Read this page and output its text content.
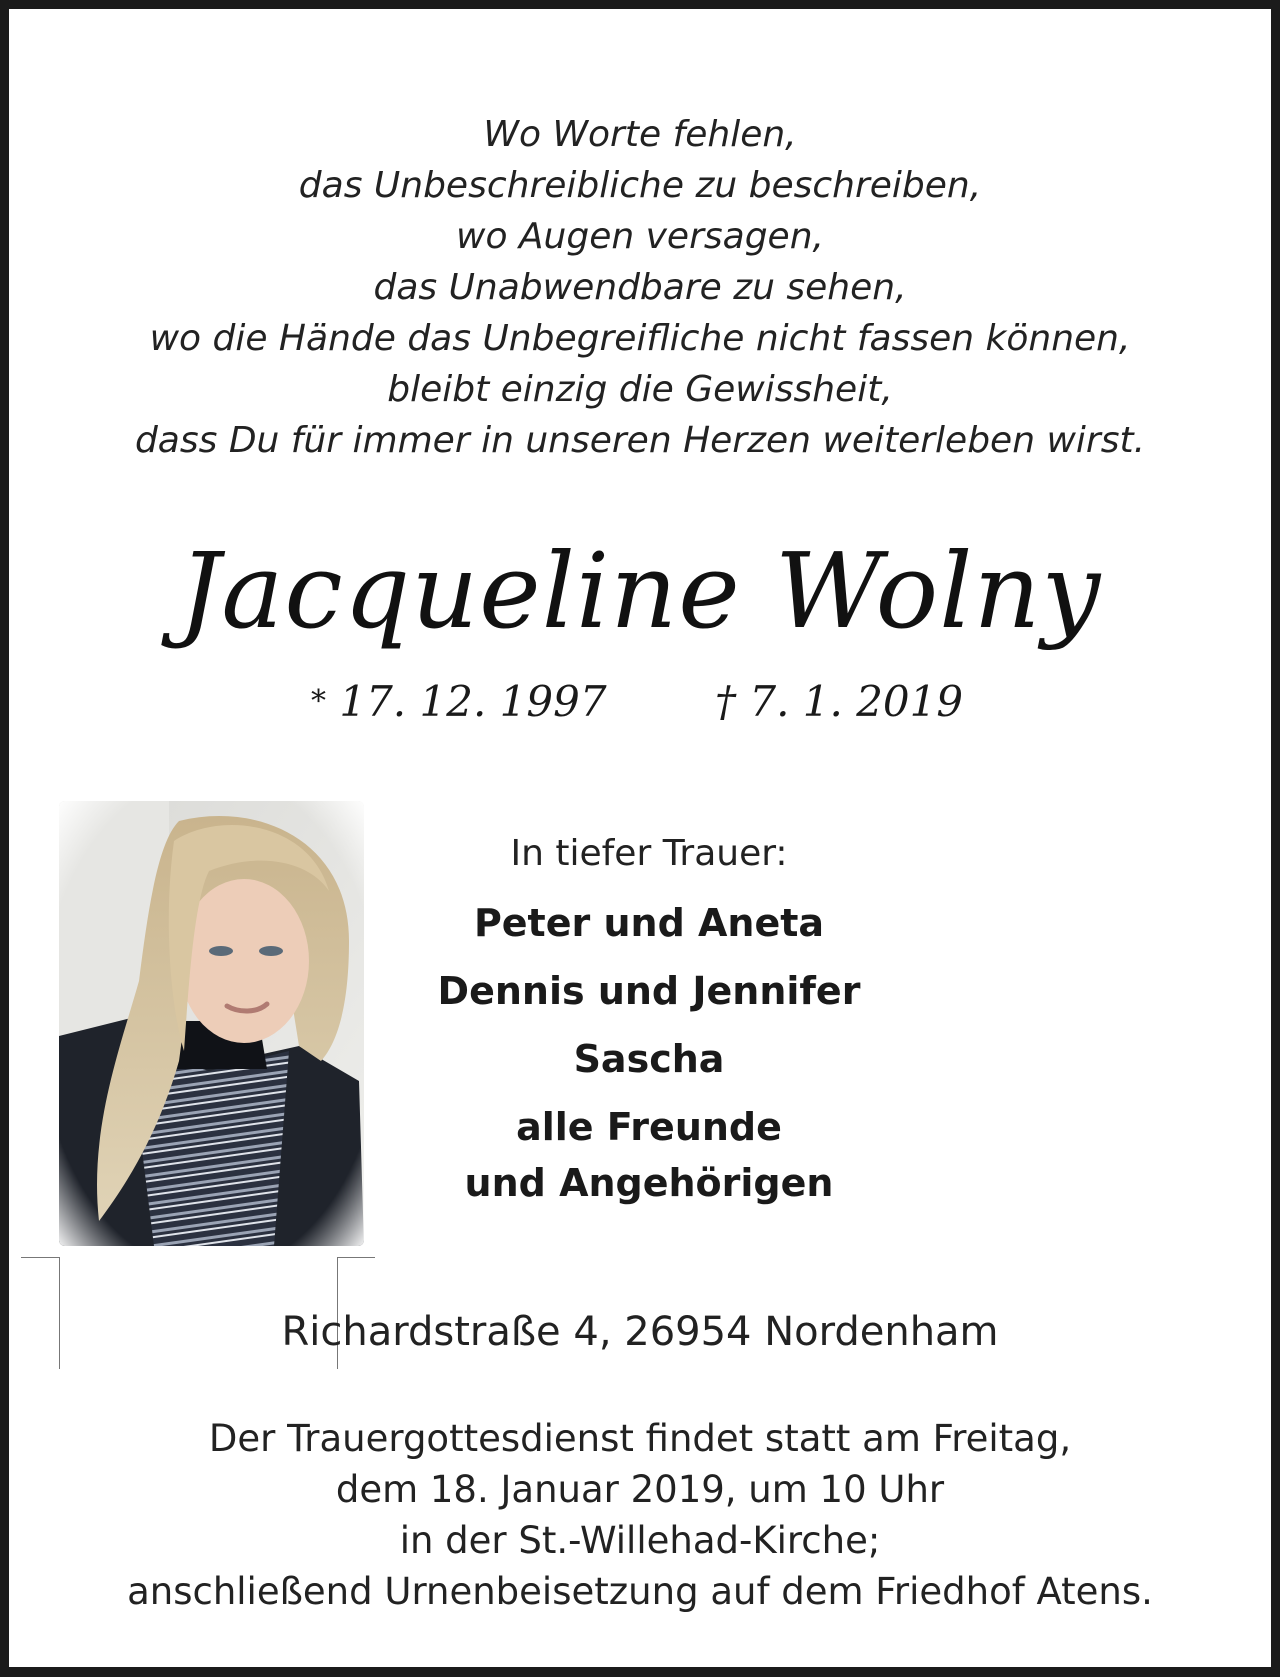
Wo Worte fehlen,
das Unbeschreibliche zu beschreiben,
wo Augen versagen,
das Unabwendbare zu sehen,
wo die Hände das Unbegreifliche nicht fassen können,
bleibt einzig die Gewissheit,
dass Du für immer in unseren Herzen weiterleben wirst.
Jacqueline Wolny
* 17. 12. 1997	† 7. 1. 2019
In tiefer Trauer:
Peter und Aneta
Dennis und Jennifer
Sascha
alle Freunde
und Angehörigen
Richardstraße 4, 26954 Nordenham
Der Trauergottesdienst findet statt am Freitag,
dem 18. Januar 2019, um 10 Uhr
in der St.-Willehad-Kirche;
anschließend Urnenbeisetzung auf dem Friedhof Atens.
